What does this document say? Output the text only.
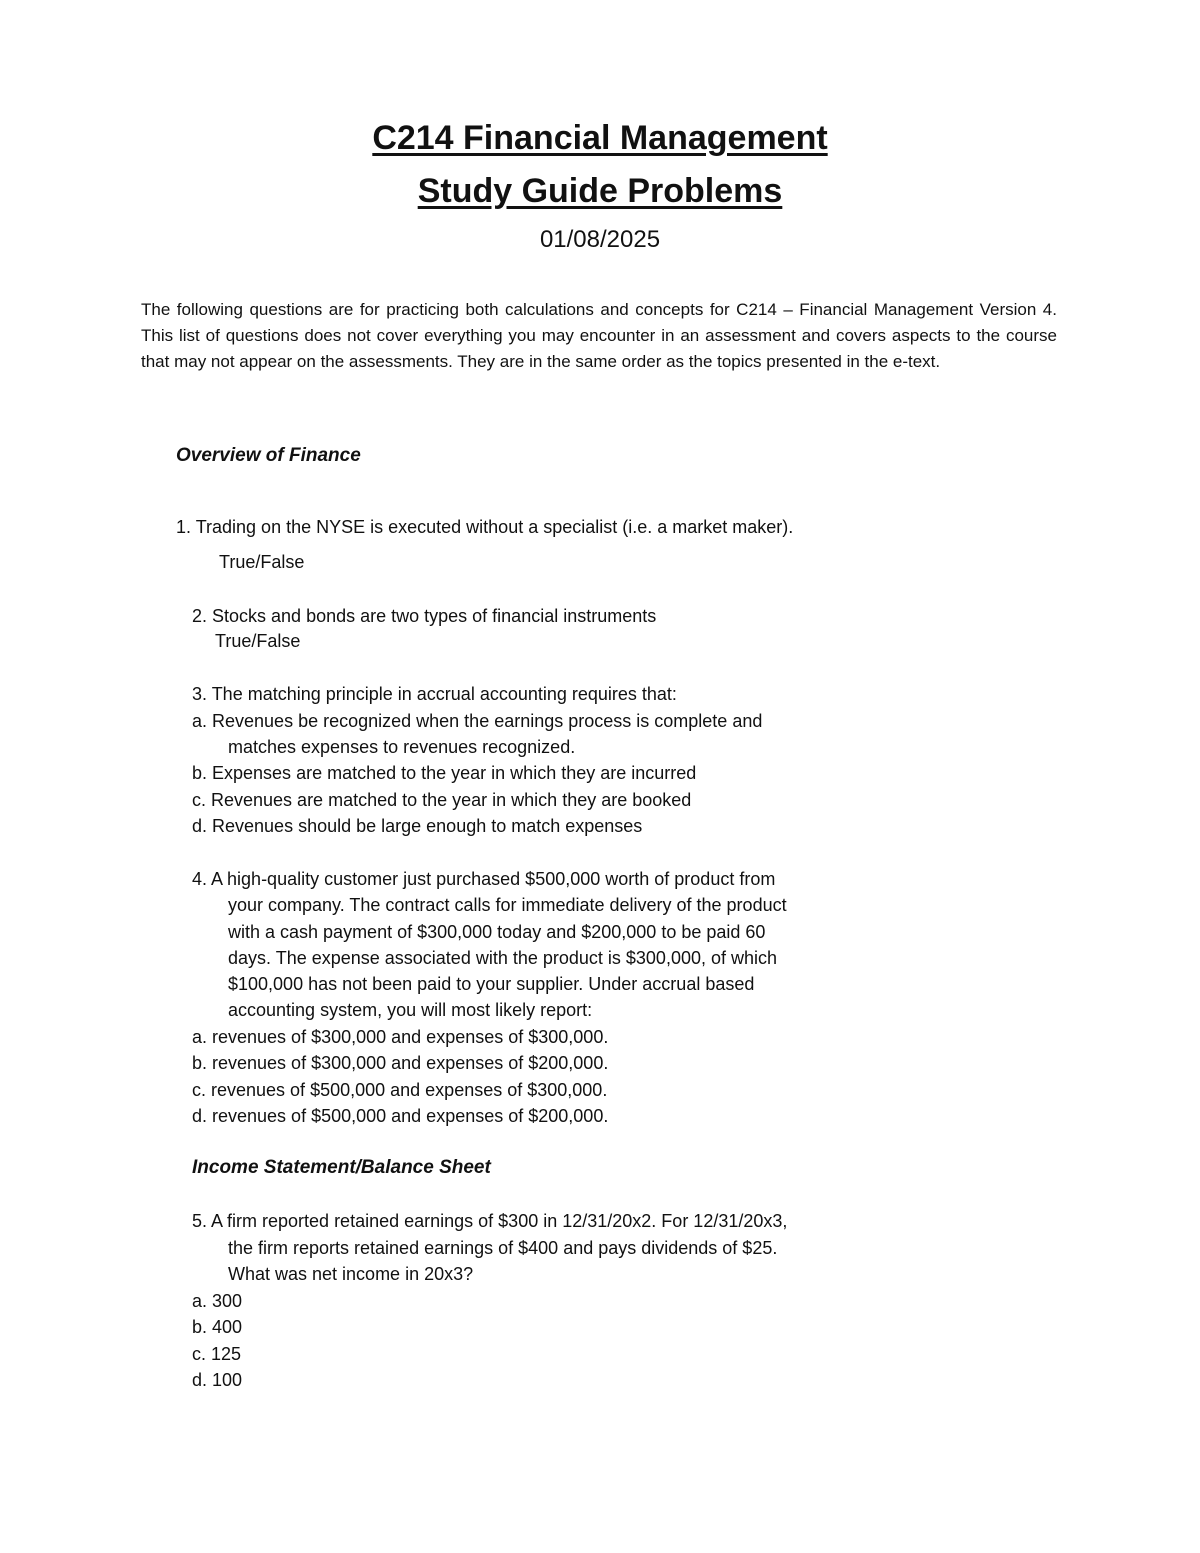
C214 Financial Management
Study Guide Problems
01/08/2025

The following questions are for practicing both calculations and concepts for C214 – Financial Management Version 4. This list of questions does not cover everything you may encounter in an assessment and covers aspects to the course that may not appear on the assessments. They are in the same order as the topics presented in the e-text.

Overview of Finance
1. Trading on the NYSE is executed without a specialist (i.e. a market maker).
True/False
2. Stocks and bonds are two types of financial instruments
True/False
3. The matching principle in accrual accounting requires that:
a. Revenues be recognized when the earnings process is complete and
matches expenses to revenues recognized.
b. Expenses are matched to the year in which they are incurred
c. Revenues are matched to the year in which they are booked
d. Revenues should be large enough to match expenses
4. A high-quality customer just purchased $500,000 worth of product from
your company. The contract calls for immediate delivery of the product
with a cash payment of $300,000 today and $200,000 to be paid 60
days. The expense associated with the product is $300,000, of which
$100,000 has not been paid to your supplier. Under accrual based
accounting system, you will most likely report:
a. revenues of $300,000 and expenses of $300,000.
b. revenues of $300,000 and expenses of $200,000.
c. revenues of $500,000 and expenses of $300,000.
d. revenues of $500,000 and expenses of $200,000.
Income Statement/Balance Sheet
5. A firm reported retained earnings of $300 in 12/31/20x2. For 12/31/20x3,
the firm reports retained earnings of $400 and pays dividends of $25.
What was net income in 20x3?
a. 300
b. 400
c. 125
d. 100
